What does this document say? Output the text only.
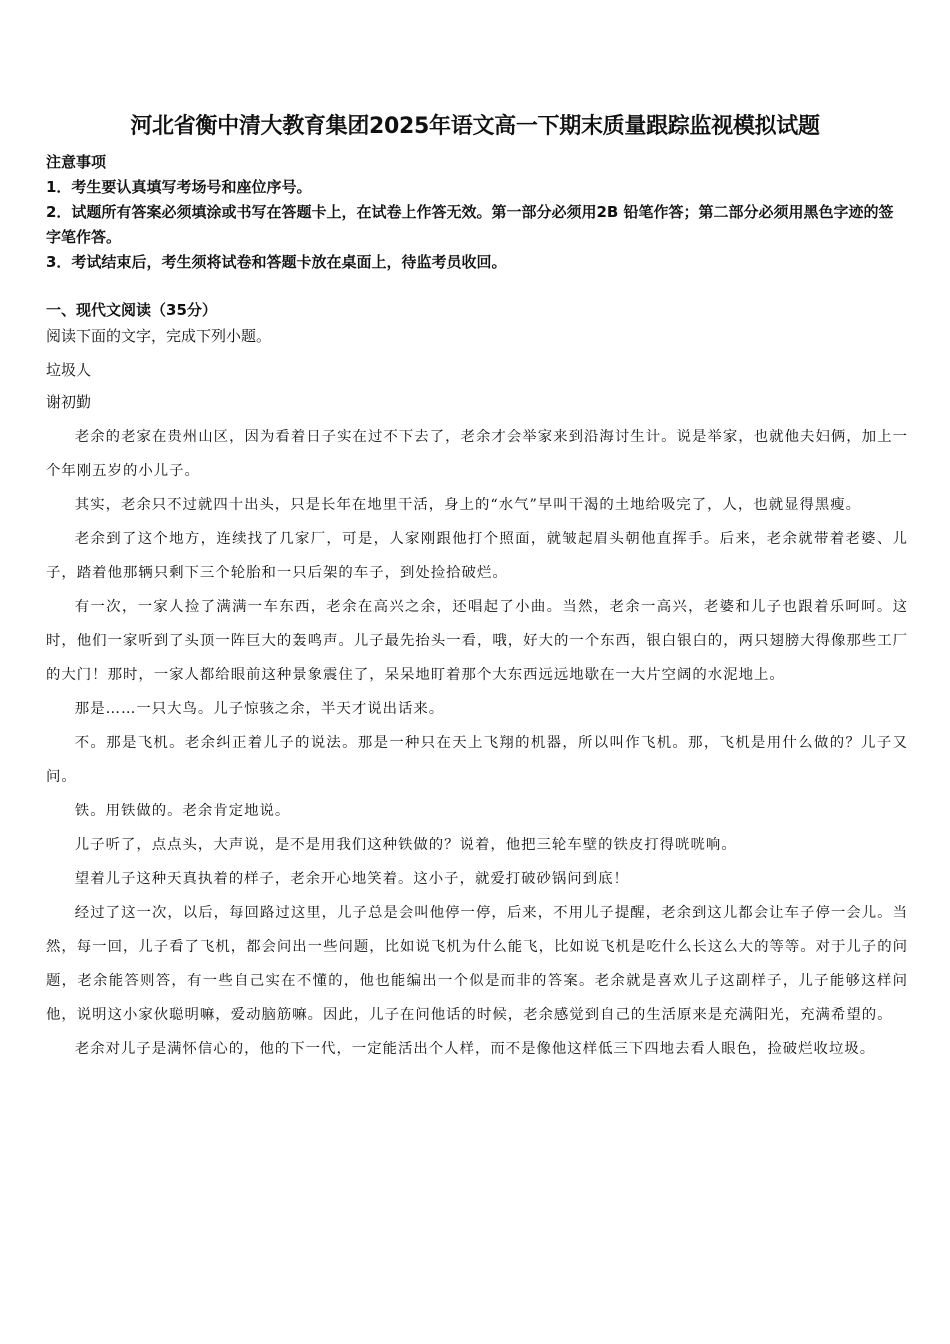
河北省衡中清大教育集团2025年语文高一下期末质量跟踪监视模拟试题
注意事项
1．考生要认真填写考场号和座位序号。
2．试题所有答案必须填涂或书写在答题卡上，在试卷上作答无效。第一部分必须用2B 铅笔作答；第二部分必须用黑色字迹的签字笔作答。
3．考试结束后，考生须将试卷和答题卡放在桌面上，待监考员收回。
一、现代文阅读（35分）
阅读下面的文字，完成下列小题。
垃圾人
谢初勤

老余的老家在贵州山区，因为看着日子实在过不下去了，老余才会举家来到沿海讨生计。说是举家，也就他夫妇俩，加上一个年刚五岁的小儿子。

其实，老余只不过就四十出头，只是长年在地里干活，身上的“水气”早叫干渴的土地给吸完了，人，也就显得黑瘦。

老余到了这个地方，连续找了几家厂，可是，人家刚跟他打个照面，就皱起眉头朝他直挥手。后来，老余就带着老婆、儿子，踏着他那辆只剩下三个轮胎和一只后架的车子，到处捡拾破烂。

有一次，一家人捡了满满一车东西，老余在高兴之余，还唱起了小曲。当然，老余一高兴，老婆和儿子也跟着乐呵呵。这时，他们一家听到了头顶一阵巨大的轰鸣声。儿子最先抬头一看，哦，好大的一个东西，银白银白的，两只翅膀大得像那些工厂的大门！那时，一家人都给眼前这种景象震住了，呆呆地盯着那个大东西远远地歇在一大片空阔的水泥地上。

那是……一只大鸟。儿子惊骇之余，半天才说出话来。

不。那是飞机。老余纠正着儿子的说法。那是一种只在天上飞翔的机器，所以叫作飞机。那，飞机是用什么做的？儿子又问。

铁。用铁做的。老余肯定地说。

儿子听了，点点头，大声说，是不是用我们这种铁做的？说着，他把三轮车壁的铁皮打得咣咣响。

望着儿子这种天真执着的样子，老余开心地笑着。这小子，就爱打破砂锅问到底！

经过了这一次，以后，每回路过这里，儿子总是会叫他停一停，后来，不用儿子提醒，老余到这儿都会让车子停一会儿。当然，每一回，儿子看了飞机，都会问出一些问题，比如说飞机为什么能飞，比如说飞机是吃什么长这么大的等等。对于儿子的问题，老余能答则答，有一些自己实在不懂的，他也能编出一个似是而非的答案。老余就是喜欢儿子这副样子，儿子能够这样问他，说明这小家伙聪明嘛，爱动脑筋嘛。因此，儿子在问他话的时候，老余感觉到自己的生活原来是充满阳光，充满希望的。

老余对儿子是满怀信心的，他的下一代，一定能活出个人样，而不是像他这样低三下四地去看人眼色，捡破烂收垃圾。
